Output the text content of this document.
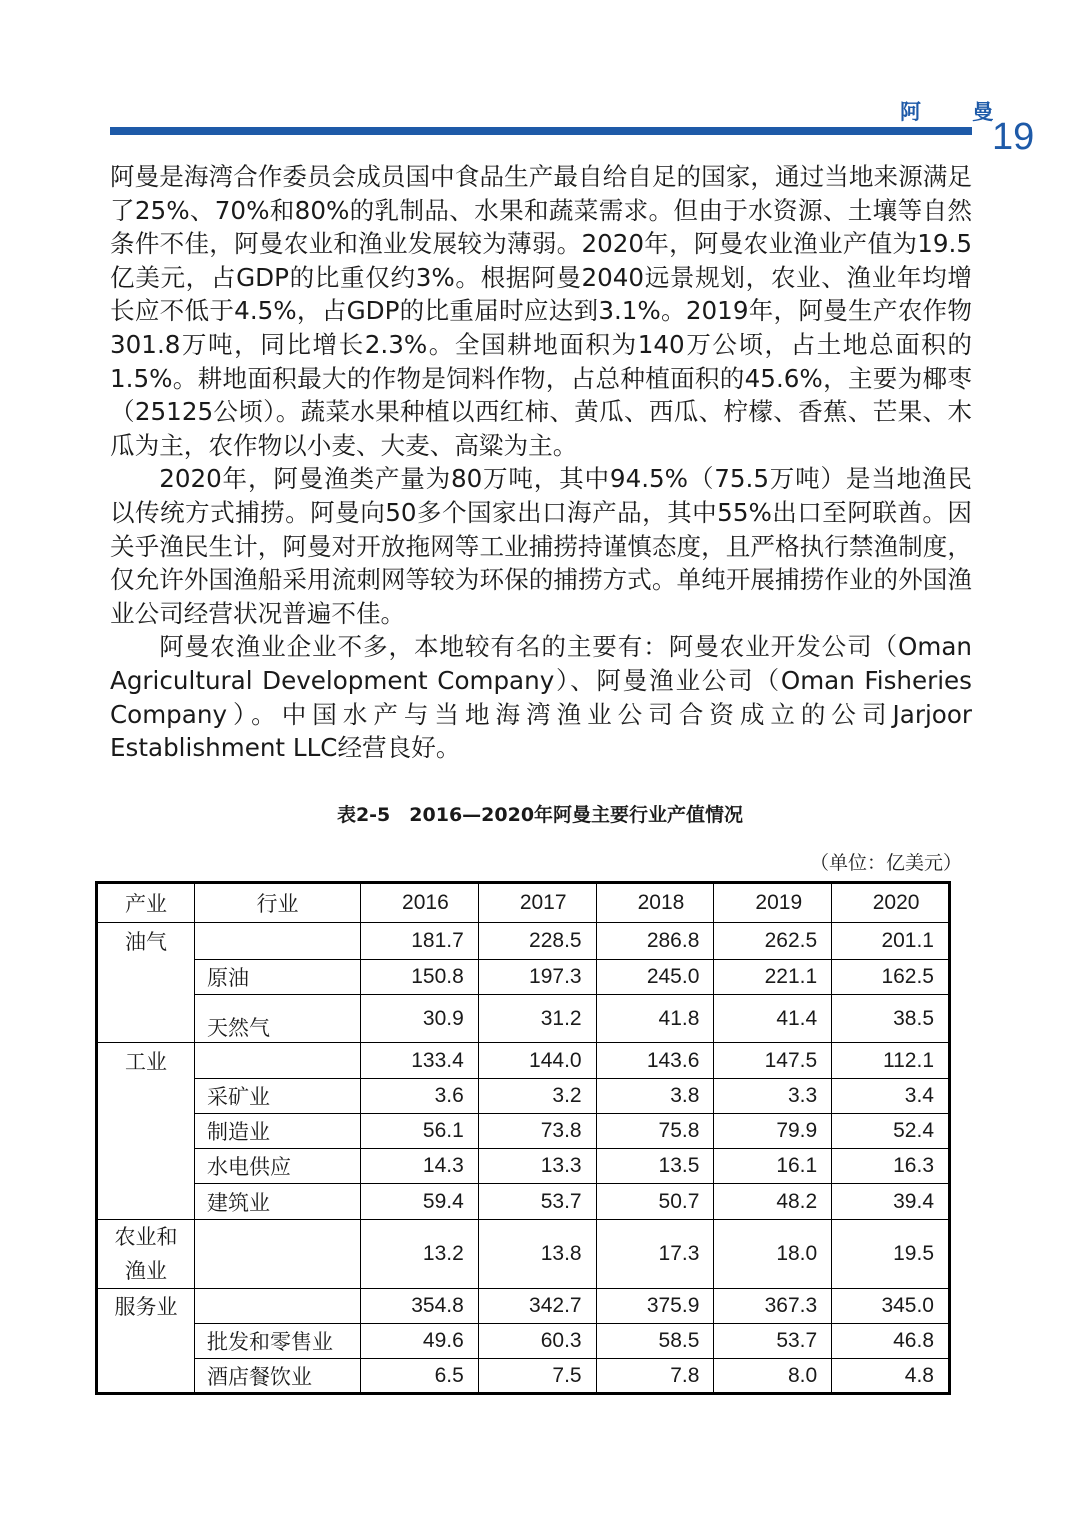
阿 曼
19

阿曼是海湾合作委员会成员国中食品生产最自给自足的国家，通过当地来源满足了25%、70%和80%的乳制品、水果和蔬菜需求。但由于水资源、土壤等自然条件不佳，阿曼农业和渔业发展较为薄弱。2020年，阿曼农业渔业产值为19.5亿美元，占GDP的比重仅约3%。根据阿曼2040远景规划，农业、渔业年均增长应不低于4.5%，占GDP的比重届时应达到3.1%。2019年，阿曼生产农作物301.8万吨，同比增长2.3%。全国耕地面积为140万公顷，占土地总面积的1.5%。耕地面积最大的作物是饲料作物，占总种植面积的45.6%，主要为椰枣（25125公顷）。蔬菜水果种植以西红柿、黄瓜、西瓜、柠檬、香蕉、芒果、木瓜为主，农作物以小麦、大麦、高粱为主。

2020年，阿曼渔类产量为80万吨，其中94.5%（75.5万吨）是当地渔民以传统方式捕捞。阿曼向50多个国家出口海产品，其中55%出口至阿联酋。因关乎渔民生计，阿曼对开放拖网等工业捕捞持谨慎态度，且严格执行禁渔制度，仅允许外国渔船采用流刺网等较为环保的捕捞方式。单纯开展捕捞作业的外国渔业公司经营状况普遍不佳。

阿曼农渔业企业不多，本地较有名的主要有：阿曼农业开发公司（Oman Agricultural Development Company）、阿曼渔业公司（Oman Fisheries Company）。中国水产与当地海湾渔业公司合资成立的公司Jarjoor Establishment LLC经营良好。

表2-5　2016—2020年阿曼主要行业产值情况
（单位：亿美元）
产业	行业	2016	2017	2018	2019	2020
油气		181.7	228.5	286.8	262.5	201.1
	原油	150.8	197.3	245.0	221.1	162.5
	天然气	30.9	31.2	41.8	41.4	38.5
工业		133.4	144.0	143.6	147.5	112.1
	采矿业	3.6	3.2	3.8	3.3	3.4
	制造业	56.1	73.8	75.8	79.9	52.4
	水电供应	14.3	13.3	13.5	16.1	16.3
	建筑业	59.4	53.7	50.7	48.2	39.4
农业和渔业		13.2	13.8	17.3	18.0	19.5
服务业		354.8	342.7	375.9	367.3	345.0
	批发和零售业	49.6	60.3	58.5	53.7	46.8
	酒店餐饮业	6.5	7.5	7.8	8.0	4.8
